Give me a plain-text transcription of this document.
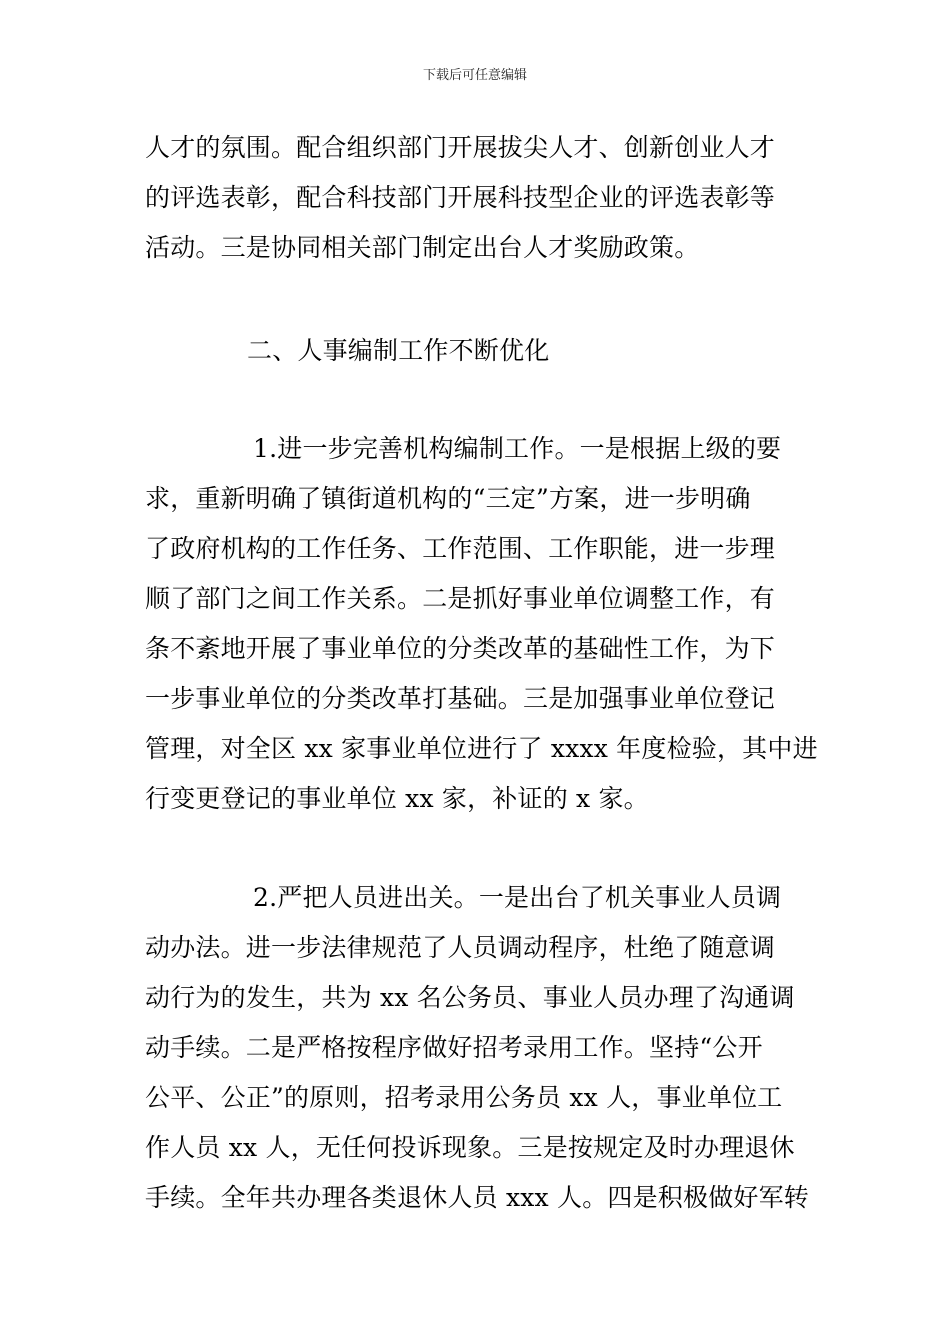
下载后可任意编辑
人才的氛围。配合组织部门开展拔尖人才、创新创业人才
的评选表彰，配合科技部门开展科技型企业的评选表彰等
活动。三是协同相关部门制定出台人才奖励政策。
二、人事编制工作不断优化
1.进一步完善机构编制工作。一是根据上级的要
求，重新明确了镇街道机构的“三定”方案，进一步明确
了政府机构的工作任务、工作范围、工作职能，进一步理
顺了部门之间工作关系。二是抓好事业单位调整工作，有
条不紊地开展了事业单位的分类改革的基础性工作，为下
一步事业单位的分类改革打基础。三是加强事业单位登记
管理，对全区 xx 家事业单位进行了 xxxx 年度检验，其中进
行变更登记的事业单位 xx 家，补证的 x 家。
2.严把人员进出关。一是出台了机关事业人员调
动办法。进一步法律规范了人员调动程序，杜绝了随意调
动行为的发生，共为 xx 名公务员、事业人员办理了沟通调
动手续。二是严格按程序做好招考录用工作。坚持“公开
公平、公正”的原则，招考录用公务员 xx 人，事业单位工
作人员 xx 人，无任何投诉现象。三是按规定及时办理退休
手续。全年共办理各类退休人员 xxx 人。四是积极做好军转
